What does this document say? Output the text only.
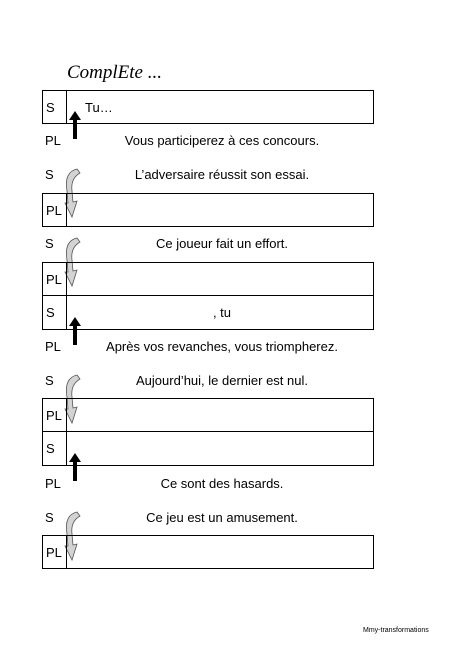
ComplEte ...
S Tu…
PL	Vous participerez à ces concours.
S	L’adversaire réussit son essai.
PL
S	Ce joueur fait un effort.
PL
S	, tu
PL	Après vos revanches, vous triompherez.
S	Aujourd’hui, le dernier est nul.
PL
S
PL	Ce sont des hasards.
S	Ce jeu est un amusement.
PL
Mmy-transformations
